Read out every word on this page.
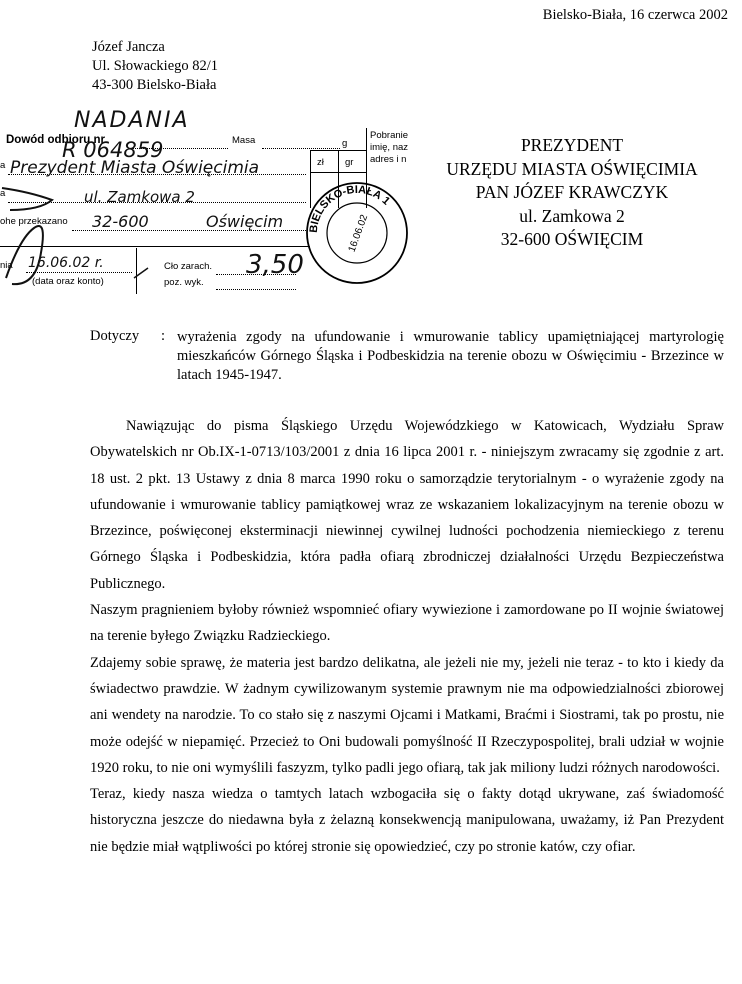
Bielsko-Biała, 16 czerwca 2002
Józef Jancza
Ul. Słowackiego 82/1
43-300 Bielsko-Biała
NADANIA
Dowód odbioru nr
R 064859	Masa	g
Pobranie
imię, naz
adres i n
zł gr
a Prezydent Miasta Oświęcimia
a	ul. Zamkowa 2
ohe przekazano 32-600	Oświęcim
nia 16.06.02 r.
(data oraz konto)
Cło zarach.
poz. wyk.
3,50
BIELSKO-BIAŁA 1
16.06.02
PREZYDENT
URZĘDU MIASTA OŚWIĘCIMIA
PAN JÓZEF KRAWCZYK
ul. Zamkowa 2
32-600 OŚWIĘCIM
Dotyczy : wyrażenia zgody na ufundowanie i wmurowanie tablicy upamiętniającej martyrologię mieszkańców Górnego Śląska i Podbeskidzia na terenie obozu w Oświęcimiu - Brzezince w latach 1945-1947.

Nawiązując do pisma Śląskiego Urzędu Wojewódzkiego w Katowicach, Wydziału Spraw Obywatelskich nr Ob.IX-1-0713/103/2001 z dnia 16 lipca 2001 r. - niniejszym zwracamy się zgodnie z art. 18 ust. 2 pkt. 13 Ustawy z dnia 8 marca 1990 roku o samorządzie terytorialnym - o wyrażenie zgody na ufundowanie i wmurowanie tablicy pamiątkowej wraz ze wskazaniem lokalizacyjnym na terenie obozu w Brzezince, poświęconej eksterminacji niewinnej cywilnej ludności pochodzenia niemieckiego z terenu Górnego Śląska i Podbeskidzia, która padła ofiarą zbrodniczej działalności Urzędu Bezpieczeństwa Publicznego.

Naszym pragnieniem byłoby również wspomnieć ofiary wywiezione i zamordowane po II wojnie światowej na terenie byłego Związku Radzieckiego.

Zdajemy sobie sprawę, że materia jest bardzo delikatna, ale jeżeli nie my, jeżeli nie teraz - to kto i kiedy da świadectwo prawdzie. W żadnym cywilizowanym systemie prawnym nie ma odpowiedzialności zbiorowej ani wendety na narodzie. To co stało się z naszymi Ojcami i Matkami, Braćmi i Siostrami, tak po prostu, nie może odejść w niepamięć. Przecież to Oni budowali pomyślność II Rzeczypospolitej, brali udział w wojnie 1920 roku, to nie oni wymyślili faszyzm, tylko padli jego ofiarą, tak jak miliony ludzi różnych narodowości.

Teraz, kiedy nasza wiedza o tamtych latach wzbogaciła się o fakty dotąd ukrywane, zaś świadomość historyczna jeszcze do niedawna była z żelazną konsekwencją manipulowana, uważamy, iż Pan Prezydent nie będzie miał wątpliwości po której stronie się opowiedzieć, czy po stronie katów, czy ofiar.
